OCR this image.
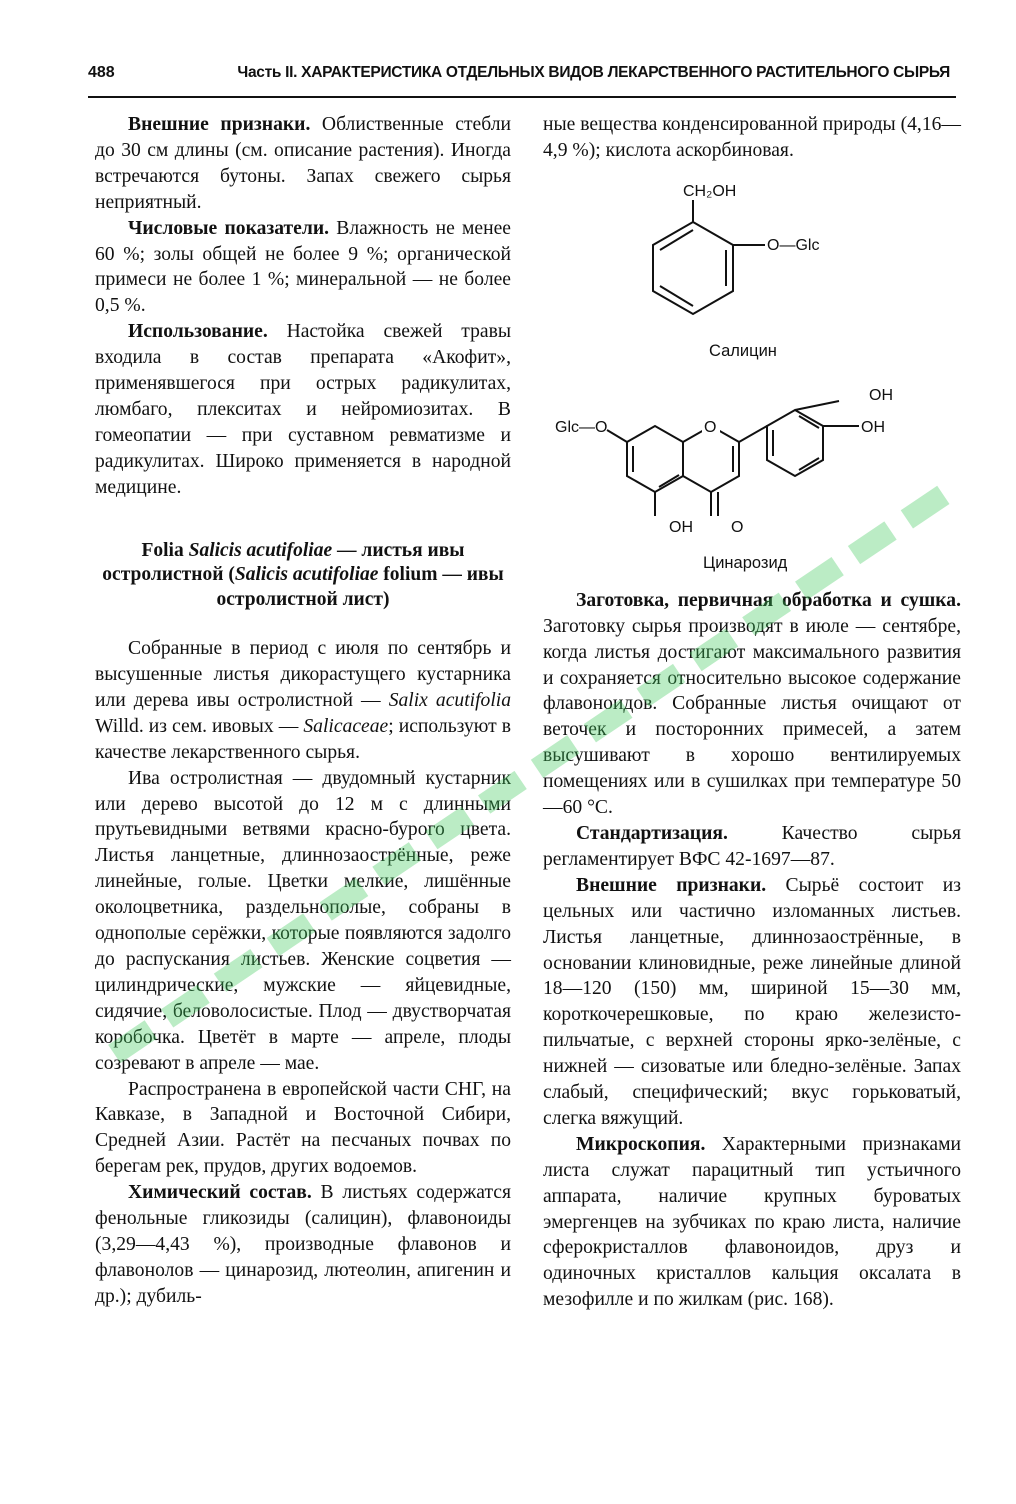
488	Часть II. ХАРАКТЕРИСТИКА ОТДЕЛЬНЫХ ВИДОВ ЛЕКАРСТВЕННОГО РАСТИТЕЛЬНОГО СЫРЬЯ

Внешние признаки. Облиственные стебли до 30 см длины (см. описание растения). Иногда встречаются бутоны. Запах свежего сырья неприятный.

Числовые показатели. Влажность не менее 60 %; золы общей не более 9 %; органической примеси не более 1 %; минеральной — не более 0,5 %.

Использование. Настойка свежей травы входила в состав препарата «Акофит», применявшегося при острых радикулитах, люмбаго, плекситах и нейромиозитах. В гомеопатии — при суставном ревматизме и радикулитах. Широко применяется в народной медицине.

Folia Salicis acutifoliae — листья ивы остролистной (Salicis acutifoliae folium — ивы остролистной лист)

Собранные в период с июля по сентябрь и высушенные листья дикорастущего кустарника или дерева ивы остролистной — Salix acutifolia Willd. из сем. ивовых — Salicaceae; используют в качестве лекарственного сырья.

Ива остролистная — двудомный кустарник или дерево высотой до 12 м с длинными прутьевидными ветвями красно-бурого цвета. Листья ланцетные, длиннозаострённые, реже линейные, голые. Цветки мелкие, лишённые околоцветника, раздельнополые, собраны в однополые серёжки, которые появляются задолго до распускания листьев. Женские соцветия — цилиндрические, мужские — яйцевидные, сидячие, беловолосистые. Плод — двустворчатая коробочка. Цветёт в марте — апреле, плоды созревают в апреле — мае.

Распространена в европейской части СНГ, на Кавказе, в Западной и Восточной Сибири, Средней Азии. Растёт на песчаных почвах по берегам рек, прудов, других водоемов.

Химический состав. В листьях содержатся фенольные гликозиды (салицин), флавоноиды (3,29—4,43 %), производные флавонов и флавонолов — цинарозид, лютеолин, апигенин и др.); дубиль-

ные вещества конденсированной природы (4,16—4,9 %); кислота аскорбиновая.

CH₂OH
O—Glc
Салицин
O
Glc—O
OH
OH
OH O
Цинарозид

Заготовка, первичная обработка и сушка. Заготовку сырья производят в июле — сентябре, когда листья достигают максимального развития и сохраняется относительно высокое содержание флавоноидов. Собранные листья очищают от веточек и посторонних примесей, а затем высушивают в хорошо вентилируемых помещениях или в сушилках при температуре 50—60 °С.

Стандартизация. Качество сырья регламентирует ВФС 42-1697—87.

Внешние признаки. Сырьё состоит из цельных или частично изломанных листьев. Листья ланцетные, длиннозаострённые, в основании клиновидные, реже линейные длиной 18—120 (150) мм, шириной 15—30 мм, короткочерешковые, по краю железисто-пильчатые, с верхней стороны ярко-зелёные, с нижней — сизоватые или бледно-зелёные. Запах слабый, специфический; вкус горьковатый, слегка вяжущий.

Микроскопия. Характерными признаками листа служат парацитный тип устьичного аппарата, наличие крупных буроватых эмергенцев на зубчиках по краю листа, наличие сферокристаллов флавоноидов, друз и одиночных кристаллов кальция оксалата в мезофилле и по жилкам (рис. 168).
